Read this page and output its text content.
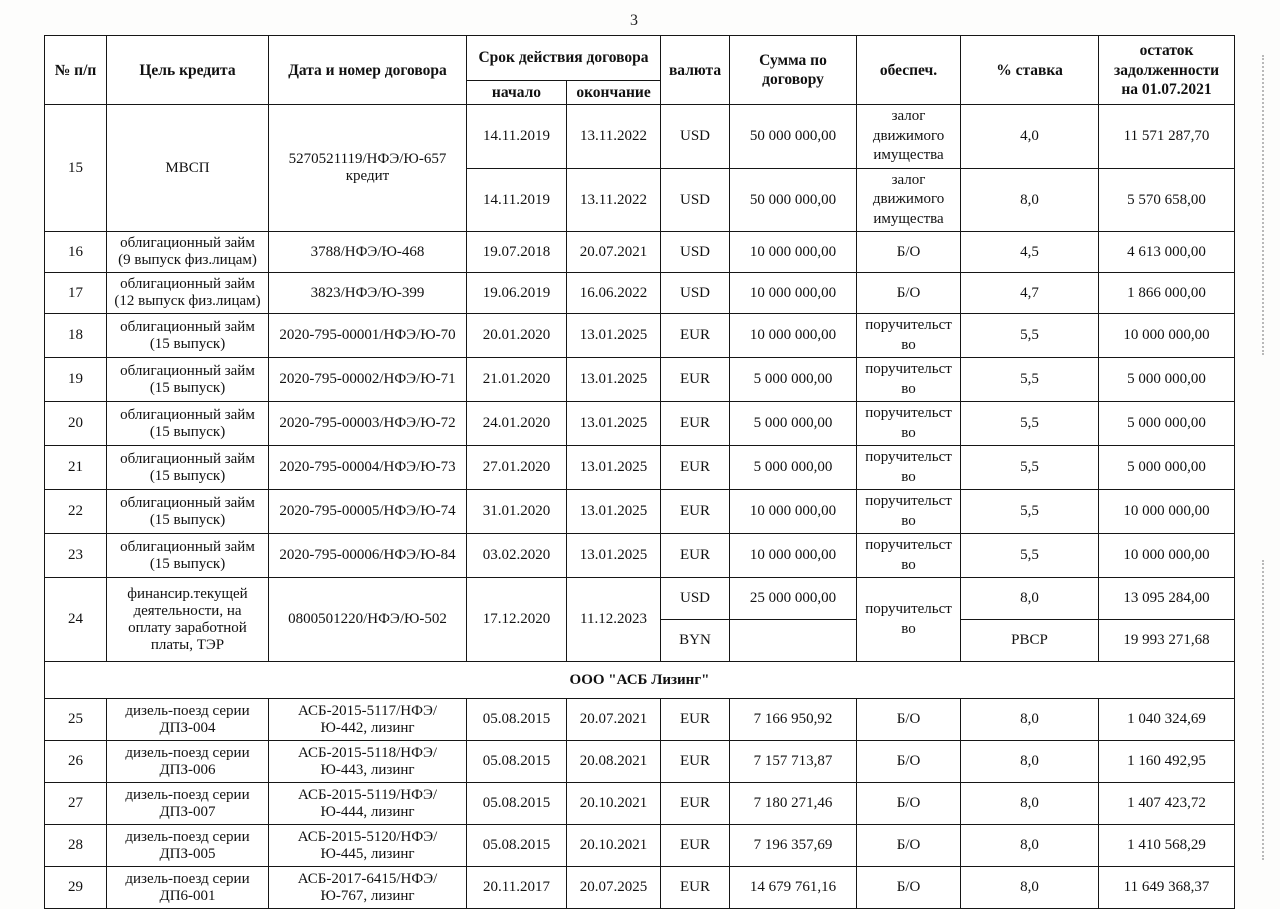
3
№ п/п	Цель кредита	Дата и номер договора	Срок действия договора		валюта	Сумма по договору	обеспеч.	% ставка	остаток задолженности на 01.07.2021
			начало	окончание					
15	МВСП	5270521119/НФЭ/Ю-657 кредит	14.11.2019	13.11.2022	USD	50 000 000,00	залог движимого имущества	4,0	11 571 287,70
			14.11.2019	13.11.2022	USD	50 000 000,00	залог движимого имущества	8,0	5 570 658,00
16	облигационный займ (9 выпуск физ.лицам)	3788/НФЭ/Ю-468	19.07.2018	20.07.2021	USD	10 000 000,00	Б/О	4,5	4 613 000,00
17	облигационный займ (12 выпуск физ.лицам)	3823/НФЭ/Ю-399	19.06.2019	16.06.2022	USD	10 000 000,00	Б/О	4,7	1 866 000,00
18	облигационный займ (15 выпуск)	2020-795-00001/НФЭ/Ю-70	20.01.2020	13.01.2025	EUR	10 000 000,00	поручительство	5,5	10 000 000,00
19	облигационный займ (15 выпуск)	2020-795-00002/НФЭ/Ю-71	21.01.2020	13.01.2025	EUR	5 000 000,00	поручительство	5,5	5 000 000,00
20	облигационный займ (15 выпуск)	2020-795-00003/НФЭ/Ю-72	24.01.2020	13.01.2025	EUR	5 000 000,00	поручительство	5,5	5 000 000,00
21	облигационный займ (15 выпуск)	2020-795-00004/НФЭ/Ю-73	27.01.2020	13.01.2025	EUR	5 000 000,00	поручительство	5,5	5 000 000,00
22	облигационный займ (15 выпуск)	2020-795-00005/НФЭ/Ю-74	31.01.2020	13.01.2025	EUR	10 000 000,00	поручительство	5,5	10 000 000,00
23	облигационный займ (15 выпуск)	2020-795-00006/НФЭ/Ю-84	03.02.2020	13.01.2025	EUR	10 000 000,00	поручительство	5,5	10 000 000,00
24	финансир.текущей деятельности, на оплату заработной платы, ТЭР	0800501220/НФЭ/Ю-502	17.12.2020	11.12.2023	USD	25 000 000,00	поручительство	8,0	13 095 284,00
					BYN			РВСР	19 993 271,68
ООО "АСБ Лизинг"									
25	дизель-поезд серии ДПЗ-004	АСБ-2015-5117/НФЭ/Ю-442, лизинг	05.08.2015	20.07.2021	EUR	7 166 950,92	Б/О	8,0	1 040 324,69
26	дизель-поезд серии ДПЗ-006	АСБ-2015-5118/НФЭ/Ю-443, лизинг	05.08.2015	20.08.2021	EUR	7 157 713,87	Б/О	8,0	1 160 492,95
27	дизель-поезд серии ДПЗ-007	АСБ-2015-5119/НФЭ/Ю-444, лизинг	05.08.2015	20.10.2021	EUR	7 180 271,46	Б/О	8,0	1 407 423,72
28	дизель-поезд серии ДПЗ-005	АСБ-2015-5120/НФЭ/Ю-445, лизинг	05.08.2015	20.10.2021	EUR	7 196 357,69	Б/О	8,0	1 410 568,29
29	дизель-поезд серии ДП6-001	АСБ-2017-6415/НФЭ/Ю-767, лизинг	20.11.2017	20.07.2025	EUR	14 679 761,16	Б/О	8,0	11 649 368,37
